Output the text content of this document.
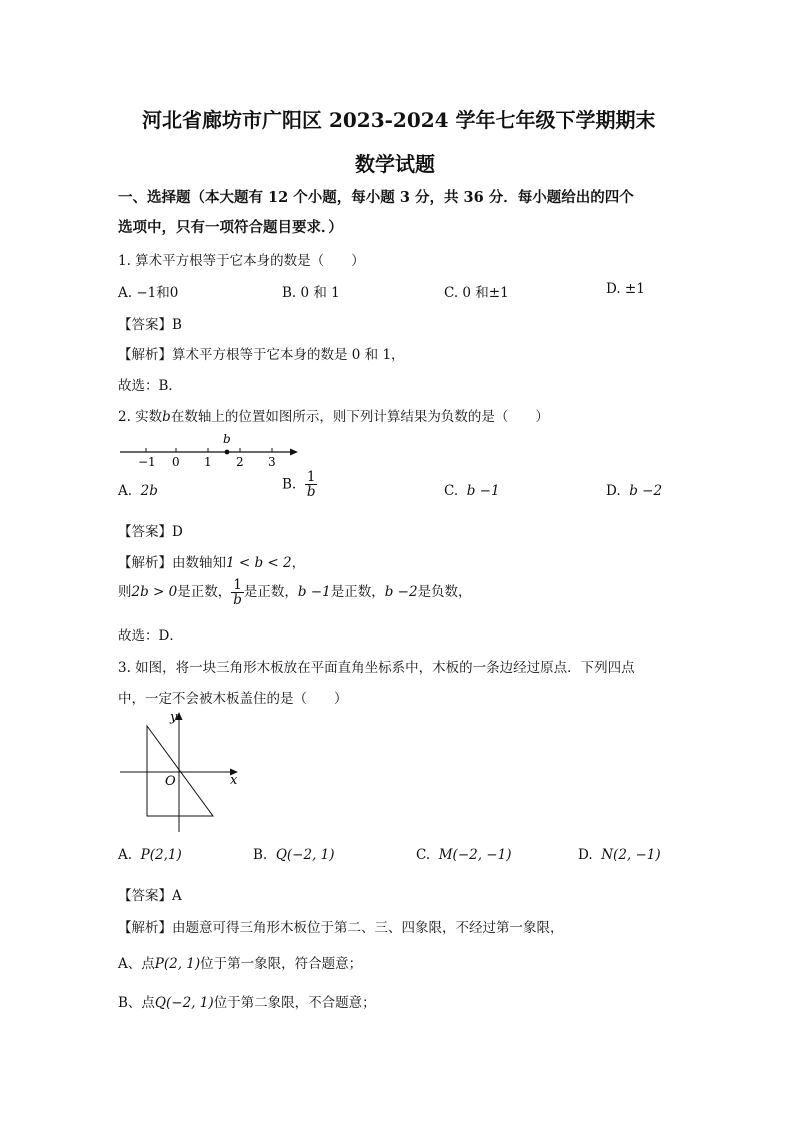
河北省廊坊市广阳区 2023-2024 学年七年级下学期期末
数学试题
一、选择题（本大题有 12 个小题，每小题 3 分，共 36 分．每小题给出的四个
选项中，只有一项符合题目要求．）
1. 算术平方根等于它本身的数是（　　）
A. −1和0	B. 0 和 1	C. 0 和±1	D. ±1
【答案】B
【解析】算术平方根等于它本身的数是 0 和 1，
故选：B．
2. 实数b在数轴上的位置如图所示，则下列计算结果为负数的是（　　）
b
−1 0 1 2 3
A. 2b	B. $\frac{1}{b}$	C. b −1	D. b −2
【答案】D
【解析】由数轴知1 < b < 2，
则2b > 0是正数， $\frac{1}{b}$ 是正数，b −1是正数，b −2是负数，
故选：D．
3. 如图，将一块三角形木板放在平面直角坐标系中，木板的一条边经过原点．下列四点
中，一定不会被木板盖住的是（　　）
x
y
O
A. P(2,1)	B. Q(−2, 1)	C. M(−2, −1)	D. N(2, −1)
【答案】A
【解析】由题意可得三角形木板位于第二、三、四象限，不经过第一象限，
A、点P(2, 1)位于第一象限，符合题意；
B、点Q(−2, 1)位于第二象限，不合题意；
